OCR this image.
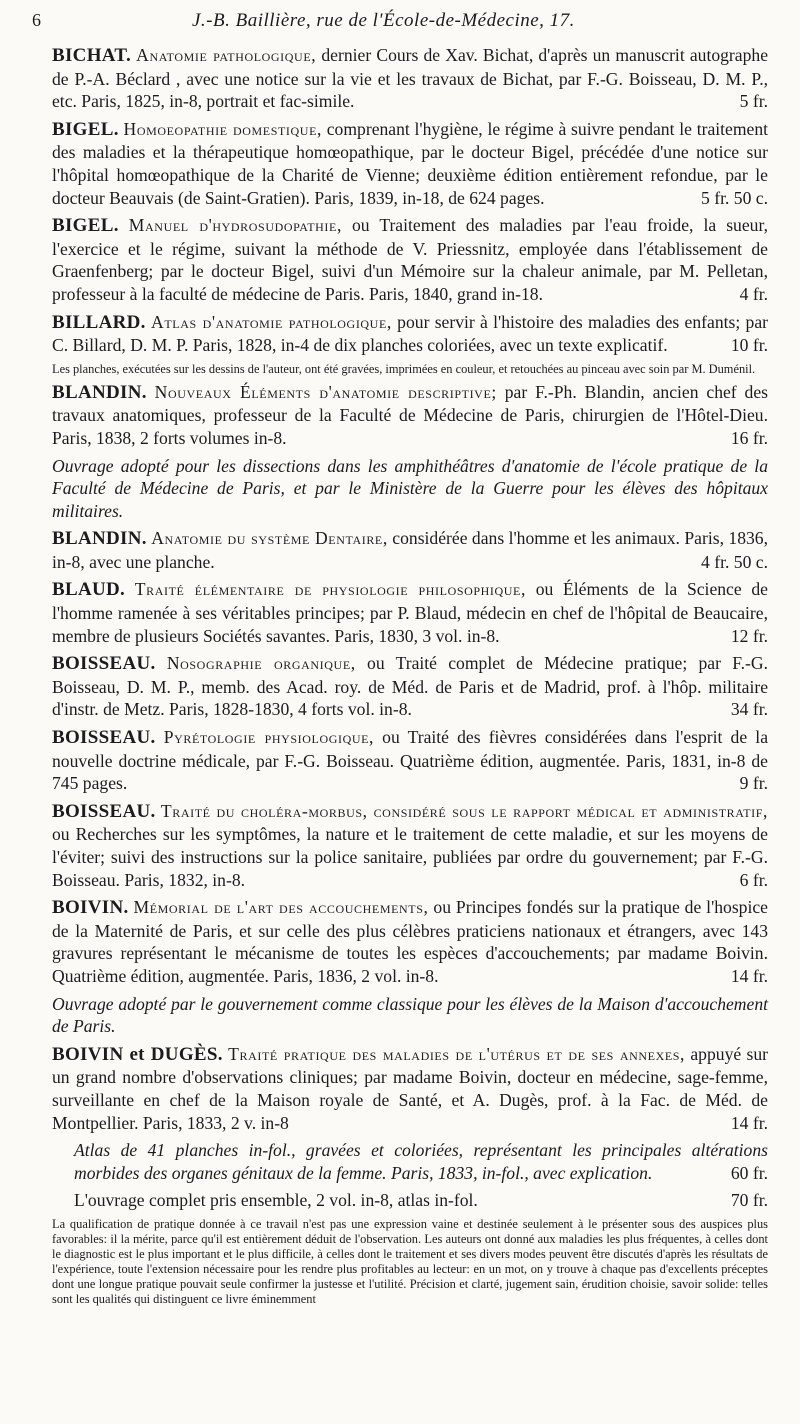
6	J.-B. Baillière, rue de l'École-de-Médecine, 17.
BICHAT. Anatomie pathologique, dernier Cours de Xav. Bichat, d'après un manuscrit autographe de P.-A. Béclard , avec une notice sur la vie et les travaux de Bichat, par F.-G. Boisseau, D. M. P., etc. Paris, 1825, in-8, portrait et fac-simile.	5 fr.
BIGEL. Homoeopathie domestique, comprenant l'hygiène, le régime à suivre pendant le traitement des maladies et la thérapeutique homœopathique, par le docteur Bigel, précédée d'une notice sur l'hôpital homœopathique de la Charité de Vienne; deuxième édition entièrement refondue, par le docteur Beauvais (de Saint-Gratien). Paris, 1839, in-18, de 624 pages.	5 fr. 50 c.
BIGEL. Manuel d'hydrosudopathie, ou Traitement des maladies par l'eau froide, la sueur, l'exercice et le régime, suivant la méthode de V. Priessnitz, employée dans l'établissement de Graenfenberg; par le docteur Bigel, suivi d'un Mémoire sur la chaleur animale, par M. Pelletan, professeur à la faculté de médecine de Paris. Paris, 1840, grand in-18.	4 fr.
BILLARD. Atlas d'anatomie pathologique, pour servir à l'histoire des maladies des enfants; par C. Billard, D. M. P. Paris, 1828, in-4 de dix planches coloriées, avec un texte explicatif.	10 fr.
Les planches, exécutées sur les dessins de l'auteur, ont été gravées, imprimées en couleur, et retouchées au pinceau avec soin par M. Duménil.
BLANDIN. Nouveaux Éléments d'anatomie descriptive; par F.-Ph. Blandin, ancien chef des travaux anatomiques, professeur de la Faculté de Médecine de Paris, chirurgien de l'Hôtel-Dieu. Paris, 1838, 2 forts volumes in-8.	16 fr.
Ouvrage adopté pour les dissections dans les amphithéâtres d'anatomie de l'école pratique de la Faculté de Médecine de Paris, et par le Ministère de la Guerre pour les élèves des hôpitaux militaires.
BLANDIN. Anatomie du système Dentaire, considérée dans l'homme et les animaux. Paris, 1836, in-8, avec une planche.	4 fr. 50 c.
BLAUD. Traité élémentaire de physiologie philosophique, ou Éléments de la Science de l'homme ramenée à ses véritables principes; par P. Blaud, médecin en chef de l'hôpital de Beaucaire, membre de plusieurs Sociétés savantes. Paris, 1830, 3 vol. in-8.	12 fr.
BOISSEAU. Nosographie organique, ou Traité complet de Médecine pratique; par F.-G. Boisseau, D. M. P., memb. des Acad. roy. de Méd. de Paris et de Madrid, prof. à l'hôp. militaire d'instr. de Metz. Paris, 1828-1830, 4 forts vol. in-8.	34 fr.
BOISSEAU. Pyrétologie physiologique, ou Traité des fièvres considérées dans l'esprit de la nouvelle doctrine médicale, par F.-G. Boisseau. Quatrième édition, augmentée. Paris, 1831, in-8 de 745 pages.	9 fr.
BOISSEAU. Traité du choléra-morbus, considéré sous le rapport médical et administratif, ou Recherches sur les symptômes, la nature et le traitement de cette maladie, et sur les moyens de l'éviter; suivi des instructions sur la police sanitaire, publiées par ordre du gouvernement; par F.-G. Boisseau. Paris, 1832, in-8.	6 fr.
BOIVIN. Mémorial de l'art des accouchements, ou Principes fondés sur la pratique de l'hospice de la Maternité de Paris, et sur celle des plus célèbres praticiens nationaux et étrangers, avec 143 gravures représentant le mécanisme de toutes les espèces d'accouchements; par madame Boivin. Quatrième édition, augmentée. Paris, 1836, 2 vol. in-8.	14 fr.
Ouvrage adopté par le gouvernement comme classique pour les élèves de la Maison d'accouchement de Paris.
BOIVIN et DUGÈS. Traité pratique des maladies de l'utérus et de ses annexes, appuyé sur un grand nombre d'observations cliniques; par madame Boivin, docteur en médecine, sage-femme, surveillante en chef de la Maison royale de Santé, et A. Dugès, prof. à la Fac. de Méd. de Montpellier. Paris, 1833, 2 v. in-8	14 fr.
Atlas de 41 planches in-fol., gravées et coloriées, représentant les principales altérations morbides des organes génitaux de la femme. Paris, 1833, in-fol., avec explication.	60 fr.
L'ouvrage complet pris ensemble, 2 vol. in-8, atlas in-fol.	70 fr.
La qualification de pratique donnée à ce travail n'est pas une expression vaine et destinée seulement à le présenter sous des auspices plus favorables: il la mérite, parce qu'il est entièrement déduit de l'observation. Les auteurs ont donné aux maladies les plus fréquentes, à celles dont le diagnostic est le plus important et le plus difficile, à celles dont le traitement et ses divers modes peuvent être discutés d'après les résultats de l'expérience, toute l'extension nécessaire pour les rendre plus profitables au lecteur: en un mot, on y trouve à chaque pas d'excellents préceptes dont une longue pratique pouvait seule confirmer la justesse et l'utilité. Précision et clarté, jugement sain, érudition choisie, savoir solide: telles sont les qualités qui distinguent ce livre éminemment
